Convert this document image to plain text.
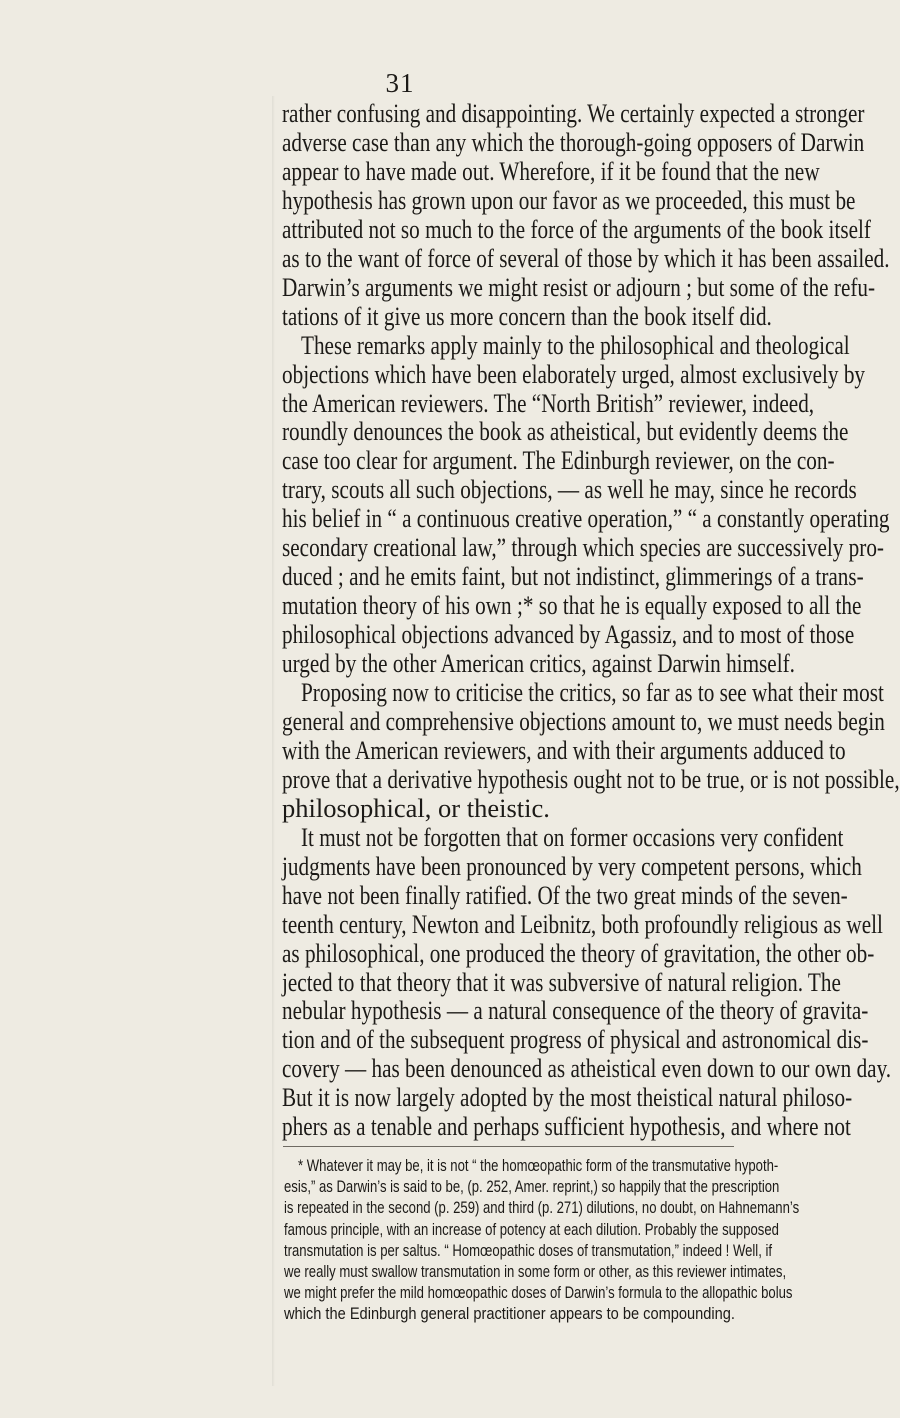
31
rather confusing and disappointing. We certainly expected a stronger
adverse case than any which the thorough-going opposers of Darwin
appear to have made out. Wherefore, if it be found that the new
hypothesis has grown upon our favor as we proceeded, this must be
attributed not so much to the force of the arguments of the book itself
as to the want of force of several of those by which it has been assailed.
Darwin’s arguments we might resist or adjourn ; but some of the refu-
tations of it give us more concern than the book itself did.
These remarks apply mainly to the philosophical and theological
objections which have been elaborately urged, almost exclusively by
the American reviewers. The “North British” reviewer, indeed,
roundly denounces the book as atheistical, but evidently deems the
case too clear for argument. The Edinburgh reviewer, on the con-
trary, scouts all such objections, — as well he may, since he records
his belief in “ a continuous creative operation,” “ a constantly operating
secondary creational law,” through which species are successively pro-
duced ; and he emits faint, but not indistinct, glimmerings of a trans-
mutation theory of his own ;* so that he is equally exposed to all the
philosophical objections advanced by Agassiz, and to most of those
urged by the other American critics, against Darwin himself.
Proposing now to criticise the critics, so far as to see what their most
general and comprehensive objections amount to, we must needs begin
with the American reviewers, and with their arguments adduced to
prove that a derivative hypothesis ought not to be true, or is not possible,
philosophical, or theistic.
It must not be forgotten that on former occasions very confident
judgments have been pronounced by very competent persons, which
have not been finally ratified. Of the two great minds of the seven-
teenth century, Newton and Leibnitz, both profoundly religious as well
as philosophical, one produced the theory of gravitation, the other ob-
jected to that theory that it was subversive of natural religion. The
nebular hypothesis — a natural consequence of the theory of gravita-
tion and of the subsequent progress of physical and astronomical dis-
covery — has been denounced as atheistical even down to our own day.
But it is now largely adopted by the most theistical natural philoso-
phers as a tenable and perhaps sufficient hypothesis, and where not
* Whatever it may be, it is not “ the homœopathic form of the transmutative hypoth-
esis,” as Darwin’s is said to be, (p. 252, Amer. reprint,) so happily that the prescription
is repeated in the second (p. 259) and third (p. 271) dilutions, no doubt, on Hahnemann’s
famous principle, with an increase of potency at each dilution. Probably the supposed
transmutation is per saltus. “ Homœopathic doses of transmutation,” indeed ! Well, if
we really must swallow transmutation in some form or other, as this reviewer intimates,
we might prefer the mild homœopathic doses of Darwin’s formula to the allopathic bolus
which the Edinburgh general practitioner appears to be compounding.
